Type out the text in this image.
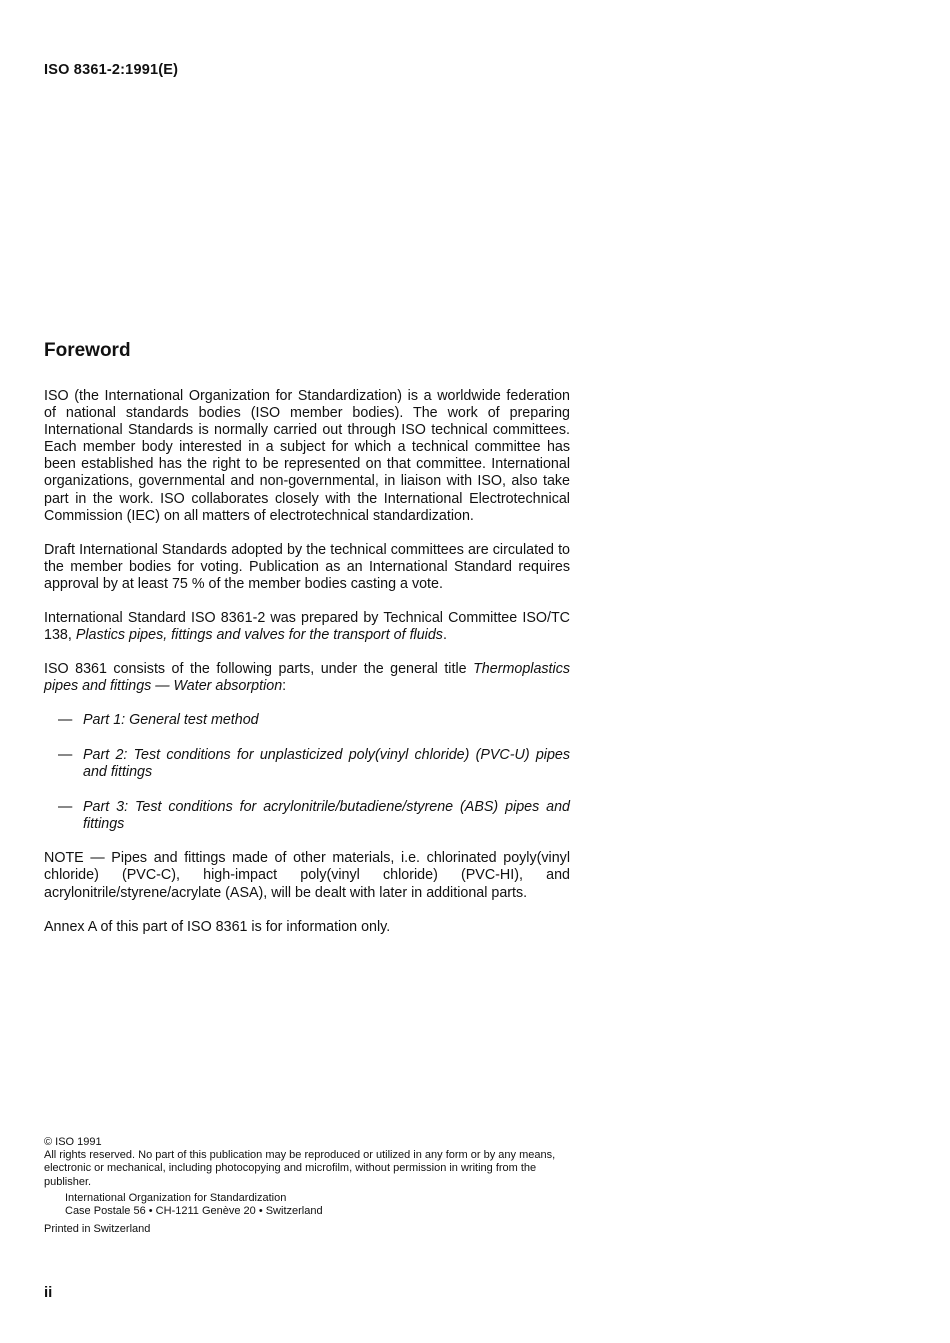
ISO 8361-2:1991(E)
Foreword

ISO (the International Organization for Standardization) is a worldwide federation of national standards bodies (ISO member bodies). The work of preparing International Standards is normally carried out through ISO technical committees. Each member body interested in a subject for which a technical committee has been established has the right to be represented on that committee. International organizations, governmental and non-governmental, in liaison with ISO, also take part in the work. ISO collaborates closely with the International Electrotechnical Commission (IEC) on all matters of electrotechnical standardization.

Draft International Standards adopted by the technical committees are circulated to the member bodies for voting. Publication as an International Standard requires approval by at least 75 % of the member bodies casting a vote.

International Standard ISO 8361-2 was prepared by Technical Committee ISO/TC 138, Plastics pipes, fittings and valves for the transport of fluids.

ISO 8361 consists of the following parts, under the general title Thermoplastics pipes and fittings — Water absorption:

— Part 1: General test method
— Part 2: Test conditions for unplasticized poly(vinyl chloride) (PVC-U) pipes and fittings
— Part 3: Test conditions for acrylonitrile/butadiene/styrene (ABS) pipes and fittings

NOTE — Pipes and fittings made of other materials, i.e. chlorinated poyly(vinyl chloride) (PVC-C), high-impact poly(vinyl chloride) (PVC-HI), and acrylonitrile/styrene/acrylate (ASA), will be dealt with later in additional parts.

Annex A of this part of ISO 8361 is for information only.

© ISO 1991
All rights reserved. No part of this publication may be reproduced or utilized in any form or by any means, electronic or mechanical, including photocopying and microfilm, without permission in writing from the publisher.
International Organization for Standardization
Case Postale 56 • CH-1211 Genève 20 • Switzerland
Printed in Switzerland
ii
